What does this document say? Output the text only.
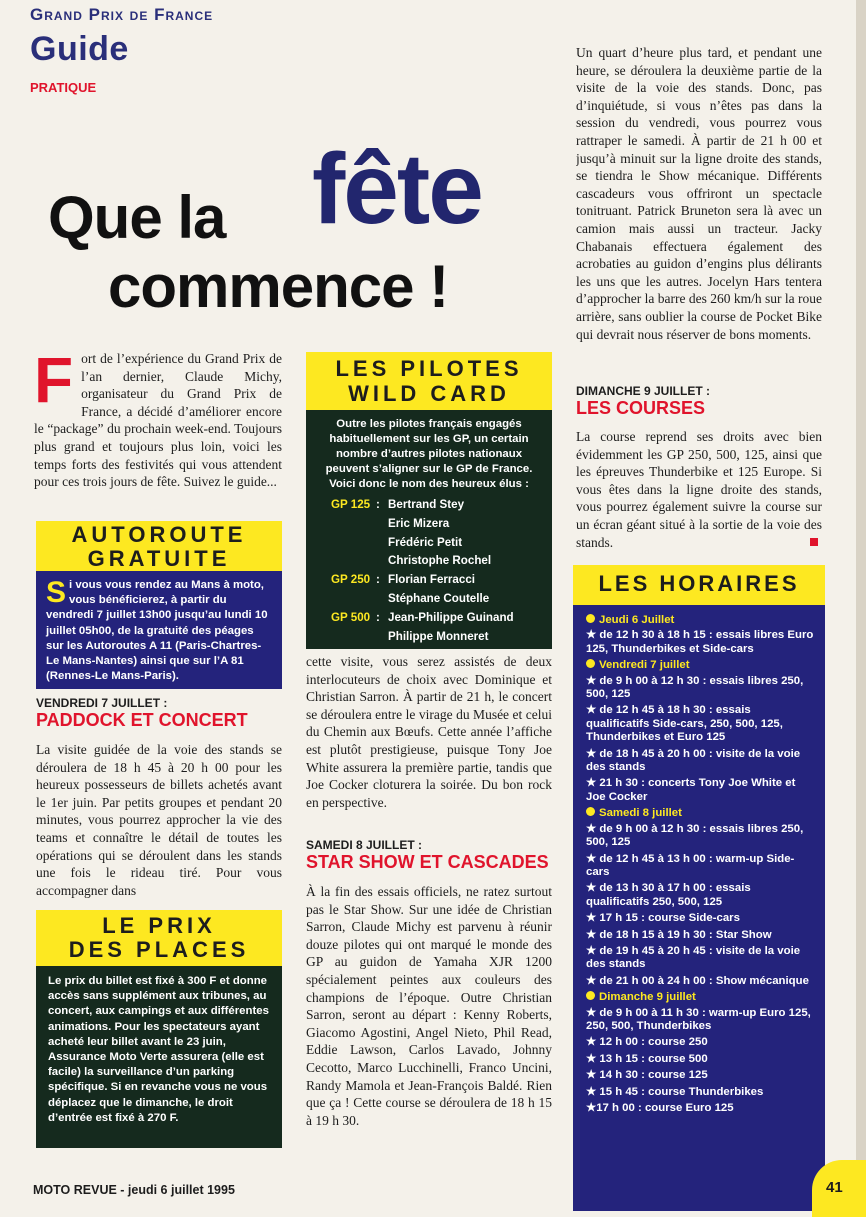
Grand Prix de France
Guide
PRATIQUE
Que la fête
commence !
Fort de l’expérience du Grand Prix de l’an dernier, Claude Michy, organisateur du Grand Prix de France, a décidé d’améliorer encore le “package” du prochain week-end. Toujours plus grand et toujours plus loin, voici les temps forts des festivités qui vous attendent pour ces trois jours de fête. Suivez le guide...
AUTOROUTE
GRATUITE
Si vous vous rendez au Mans à moto, vous bénéficierez, à partir du vendredi 7 juillet 13h00 jusqu’au lundi 10 juillet 05h00, de la gratuité des péages sur les Autoroutes A 11 (Paris-Chartres-Le Mans-Nantes) ainsi que sur l’A 81 (Rennes-Le Mans-Paris).
VENDREDI 7 JUILLET :
PADDOCK ET CONCERT
La visite guidée de la voie des stands se déroulera de 18 h 45 à 20 h 00 pour les heureux possesseurs de billets achetés avant le 1er juin. Par petits groupes et pendant 20 minutes, vous pourrez approcher la vie des teams et connaître le détail de toutes les opérations qui se déroulent dans les stands une fois le rideau tiré. Pour vous accompagner dans
LE PRIX
DES PLACES
Le prix du billet est fixé à 300 F et donne accès sans supplément aux tribunes, au concert, aux campings et aux différentes animations. Pour les spectateurs ayant acheté leur billet avant le 23 juin, Assurance Moto Verte assurera (elle est facile) la surveillance d’un parking spécifique. Si en revanche vous ne vous déplacez que le dimanche, le droit d’entrée est fixé à 270 F.
LES PILOTES
WILD CARD
Outre les pilotes français engagés habituellement sur les GP, un certain nombre d’autres pilotes nationaux peuvent s’aligner sur le GP de France. Voici donc le nom des heureux élus :
GP 125 : Bertrand Stey
Eric Mizera
Frédéric Petit
Christophe Rochel
GP 250 : Florian Ferracci
Stéphane Coutelle
GP 500 : Jean-Philippe Guinand
Philippe Monneret
cette visite, vous serez assistés de deux interlocuteurs de choix avec Dominique et Christian Sarron. À partir de 21 h, le concert se déroulera entre le virage du Musée et celui du Chemin aux Bœufs. Cette année l’affiche est plutôt prestigieuse, puisque Tony Joe White assurera la première partie, tandis que Joe Cocker cloturera la soirée. Du bon rock en perspective.
SAMEDI 8 JUILLET :
STAR SHOW ET CASCADES
À la fin des essais officiels, ne ratez surtout pas le Star Show. Sur une idée de Christian Sarron, Claude Michy est parvenu à réunir douze pilotes qui ont marqué le monde des GP au guidon de Yamaha XJR 1200 spécialement peintes aux couleurs des champions de l’époque. Outre Christian Sarron, seront au départ : Kenny Roberts, Giacomo Agostini, Angel Nieto, Phil Read, Eddie Lawson, Carlos Lavado, Johnny Cecotto, Marco Lucchinelli, Franco Uncini, Randy Mamola et Jean-François Baldé. Rien que ça ! Cette course se déroulera de 18 h 15 à 19 h 30.
Un quart d’heure plus tard, et pendant une heure, se déroulera la deuxième partie de la visite de la voie des stands. Donc, pas d’inquiétude, si vous n’êtes pas dans la session du vendredi, vous pourrez vous rattraper le samedi. À partir de 21 h 00 et jusqu’à minuit sur la ligne droite des stands, se tiendra le Show mécanique. Différents cascadeurs vous offriront un spectacle tonitruant. Patrick Bruneton sera là avec un camion mais aussi un tracteur. Jacky Chabanais effectuera également des acrobaties au guidon d’engins plus délirants les uns que les autres. Jocelyn Hars tentera d’approcher la barre des 260 km/h sur la roue arrière, sans oublier la course de Pocket Bike qui devrait nous réserver de bons moments.
DIMANCHE 9 JUILLET :
LES COURSES
La course reprend ses droits avec bien évidemment les GP 250, 500, 125, ainsi que les épreuves Thunderbike et 125 Europe. Si vous êtes dans la ligne droite des stands, vous pourrez également suivre la course sur un écran géant situé à la sortie de la voie des stands.
LES HORAIRES
Jeudi 6 Juillet
★ de 12 h 30 à 18 h 15 : essais libres Euro 125, Thunderbikes et Side-cars
Vendredi 7 juillet
★ de 9 h 00 à 12 h 30 : essais libres 250, 500, 125
★ de 12 h 45 à 18 h 30 : essais qualificatifs Side-cars, 250, 500, 125, Thunderbikes et Euro 125
★ de 18 h 45 à 20 h 00 : visite de la voie des stands
★ 21 h 30 : concerts Tony Joe White et Joe Cocker
Samedi 8 juillet
★ de 9 h 00 à 12 h 30 : essais libres 250, 500, 125
★ de 12 h 45 à 13 h 00 : warm-up Side-cars
★ de 13 h 30 à 17 h 00 : essais qualificatifs 250, 500, 125
★ 17 h 15 : course Side-cars
★ de 18 h 15 à 19 h 30 : Star Show
★ de 19 h 45 à 20 h 45 : visite de la voie des stands
★ de 21 h 00 à 24 h 00 : Show mécanique
Dimanche 9 juillet
★ de 9 h 00 à 11 h 30 : warm-up Euro 125, 250, 500, Thunderbikes
★ 12 h 00 : course 250
★ 13 h 15 : course 500
★ 14 h 30 : course 125
★ 15 h 45 : course Thunderbikes
★17 h 00 : course Euro 125
MOTO REVUE - jeudi 6 juillet 1995	41
